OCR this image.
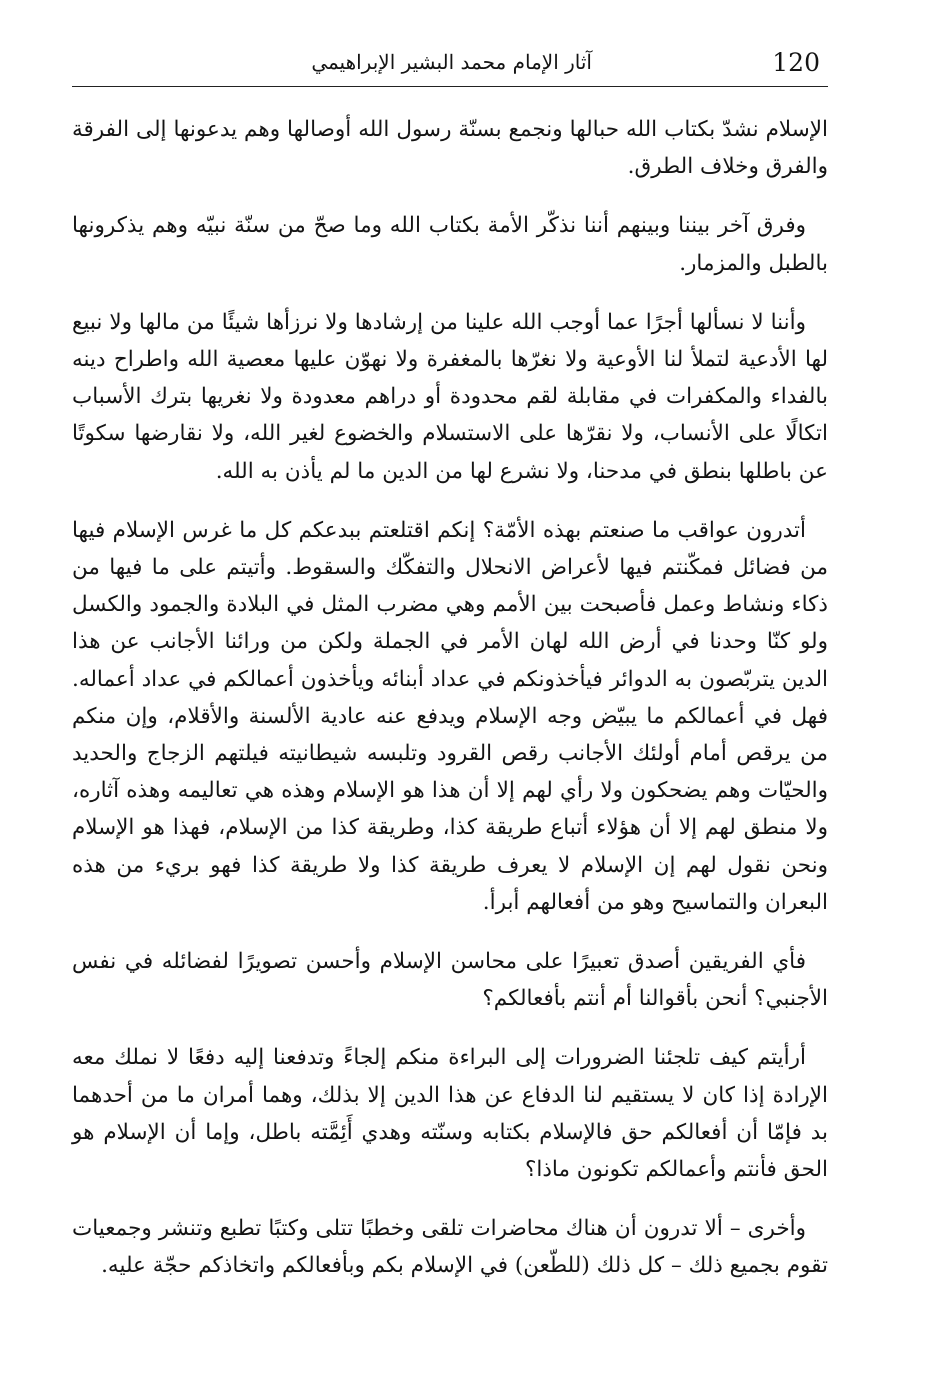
120
آثار الإمام محمد البشير الإبراهيمي

الإسلام نشدّ بكتاب الله حبالها ونجمع بسنّة رسول الله أوصالها وهم يدعونها إلى الفرقة والفرق وخلاف الطرق.

وفرق آخر بيننا وبينهم أننا نذكّر الأمة بكتاب الله وما صحّ من سنّة نبيّه وهم يذكرونها بالطبل والمزمار.

وأننا لا نسألها أجرًا عما أوجب الله علينا من إرشادها ولا نرزأها شيئًا من مالها ولا نبيع لها الأدعية لتملأ لنا الأوعية ولا نغرّها بالمغفرة ولا نهوّن عليها معصية الله واطراح دينه بالفداء والمكفرات في مقابلة لقم محدودة أو دراهم معدودة ولا نغريها بترك الأسباب اتكالًا على الأنساب، ولا نقرّها على الاستسلام والخضوع لغير الله، ولا نقارضها سكوتًا عن باطلها بنطق في مدحنا، ولا نشرع لها من الدين ما لم يأذن به الله.

أتدرون عواقب ما صنعتم بهذه الأمّة؟ إنكم اقتلعتم ببدعكم كل ما غرس الإسلام فيها من فضائل فمكّنتم فيها لأعراض الانحلال والتفكّك والسقوط. وأتيتم على ما فيها من ذكاء ونشاط وعمل فأصبحت بين الأمم وهي مضرب المثل في البلادة والجمود والكسل ولو كنّا وحدنا في أرض الله لهان الأمر في الجملة ولكن من ورائنا الأجانب عن هذا الدين يتربّصون به الدوائر فيأخذونكم في عداد أبنائه ويأخذون أعمالكم في عداد أعماله. فهل في أعمالكم ما يبيّض وجه الإسلام ويدفع عنه عادية الألسنة والأقلام، وإن منكم من يرقص أمام أولئك الأجانب رقص القرود وتلبسه شيطانيته فيلتهم الزجاج والحديد والحيّات وهم يضحكون ولا رأي لهم إلا أن هذا هو الإسلام وهذه هي تعاليمه وهذه آثاره، ولا منطق لهم إلا أن هؤلاء أتباع طريقة كذا، وطريقة كذا من الإسلام، فهذا هو الإسلام ونحن نقول لهم إن الإسلام لا يعرف طريقة كذا ولا طريقة كذا فهو بريء من هذه البعران والتماسيح وهو من أفعالهم أبرأ.

فأي الفريقين أصدق تعبيرًا على محاسن الإسلام وأحسن تصويرًا لفضائله في نفس الأجنبي؟ أنحن بأقوالنا أم أنتم بأفعالكم؟

أرأيتم كيف تلجئنا الضرورات إلى البراءة منكم إلجاءً وتدفعنا إليه دفعًا لا نملك معه الإرادة إذا كان لا يستقيم لنا الدفاع عن هذا الدين إلا بذلك، وهما أمران ما من أحدهما بد فإمّا أن أفعالكم حق فالإسلام بكتابه وسنّته وهدي أَئِمَّته باطل، وإما أن الإسلام هو الحق فأنتم وأعمالكم تكونون ماذا؟

وأخرى – ألا تدرون أن هناك محاضرات تلقى وخطبًا تتلى وكتبًا تطبع وتنشر وجمعيات تقوم بجميع ذلك – كل ذلك (للطّعن) في الإسلام بكم وبأفعالكم واتخاذكم حجّة عليه.
